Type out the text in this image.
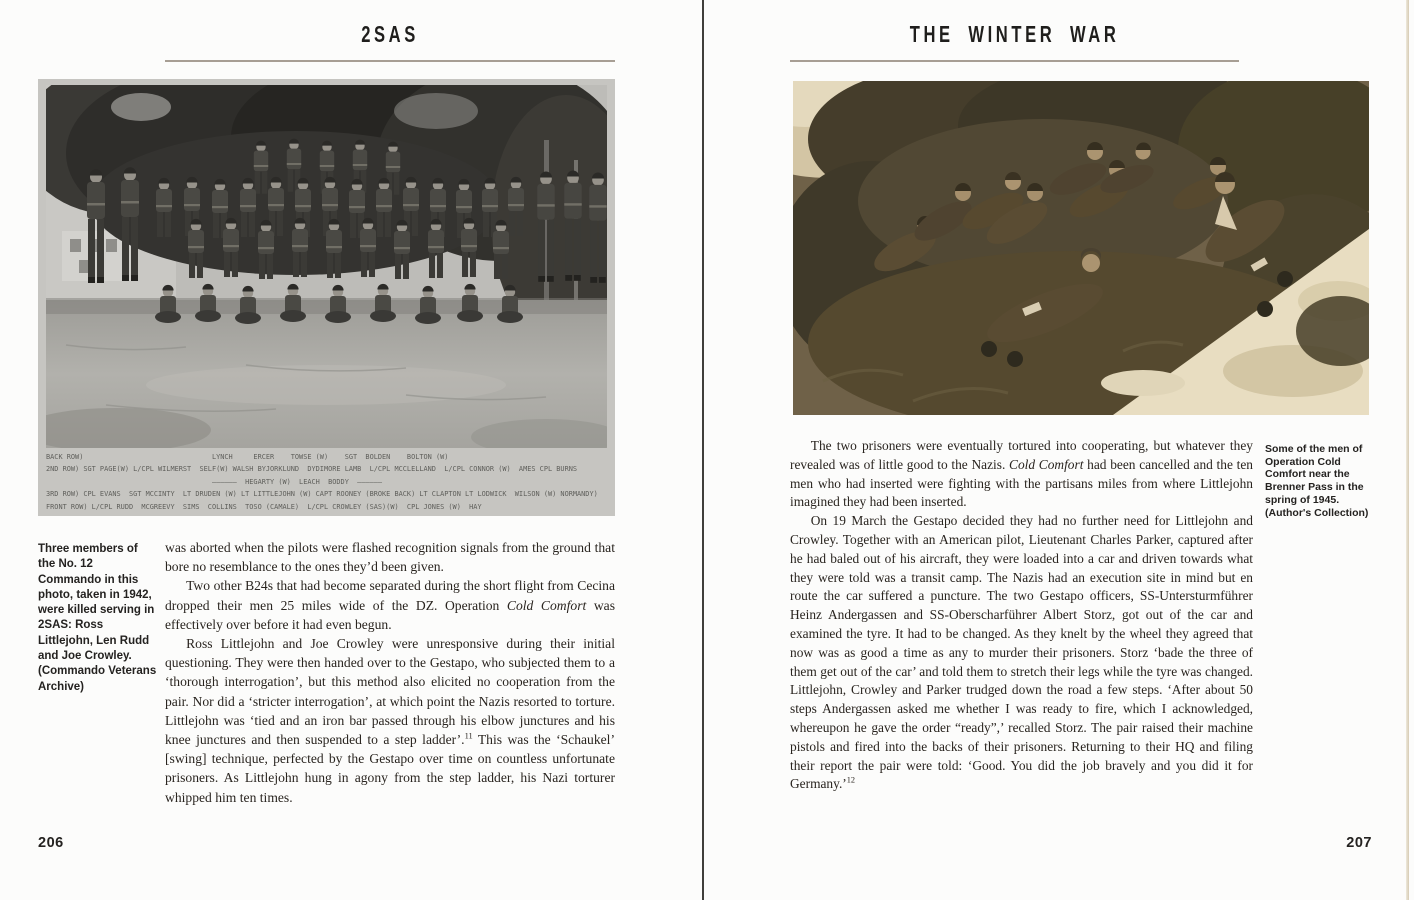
2SAS
BACK ROW)                               LYNCH     ERCER    TOWSE (W)    SGT  BOLDEN    BOLTON (W)
2ND ROW) SGT PAGE(W) L/CPL WILMERST  SELF(W) WALSH BYJORKLUND  DYDIMORE LAMB  L/CPL MCCLELLAND  L/CPL CONNOR (W)  AMES CPL BURNS
——————  HEGARTY (W)  LEACH  BODDY  ——————
3RD ROW) CPL EVANS  SGT MCCINTY  LT DRUDEN (W) LT LITTLEJOHN (W) CAPT ROONEY (BROKE BACK) LT CLAPTON LT LODWICK  WILSON (W) NORMANDY)
FRONT ROW) L/CPL RUDD  MCGREEVY  SIMS  COLLINS  TOSO (CAMALE)  L/CPL CROWLEY (SAS)(W)  CPL JONES (W)  HAY
Three members of the No. 12 Commando in this photo, taken in 1942, were killed serving in 2SAS: Ross Littlejohn, Len Rudd and Joe Crowley. (Commando Veterans Archive)

was aborted when the pilots were flashed recognition signals from the ground that bore no resemblance to the ones they’d been given.

Two other B24s that had become separated during the short flight from Cecina dropped their men 25 miles wide of the DZ. Operation Cold Comfort was effectively over before it had even begun.

Ross Littlejohn and Joe Crowley were unresponsive during their initial questioning. They were then handed over to the Gestapo, who subjected them to a ‘thorough interrogation’, but this method also elicited no cooperation from the pair. Nor did a ‘stricter interrogation’, at which point the Nazis resorted to torture. Littlejohn was ‘tied and an iron bar passed through his elbow junctures and his knee junctures and then suspended to a step ladder’.$^{11}$ This was the ‘Schaukel’ [swing] technique, perfected by the Gestapo over time on countless unfortunate prisoners. As Littlejohn hung in agony from the step ladder, his Nazi torturer whipped him ten times.

206
THE WINTER WAR
Some of the men of Operation Cold Comfort near the Brenner Pass in the spring of 1945. (Author's Collection)

The two prisoners were eventually tortured into cooperating, but whatever they revealed was of little good to the Nazis. Cold Comfort had been cancelled and the ten men who had inserted were fighting with the partisans miles from where Littlejohn imagined they had been inserted.

On 19 March the Gestapo decided they had no further need for Littlejohn and Crowley. Together with an American pilot, Lieutenant Charles Parker, captured after he had baled out of his aircraft, they were loaded into a car and driven towards what they were told was a transit camp. The Nazis had an execution site in mind but en route the car suffered a puncture. The two Gestapo officers, SS-Untersturmführer Heinz Andergassen and SS-Oberscharführer Albert Storz, got out of the car and examined the tyre. It had to be changed. As they knelt by the wheel they agreed that now was as good a time as any to murder their prisoners. Storz ‘bade the three of them get out of the car’ and told them to stretch their legs while the tyre was changed. Littlejohn, Crowley and Parker trudged down the road a few steps. ‘After about 50 steps Andergassen asked me whether I was ready to fire, which I acknowledged, whereupon he gave the order “ready”,’ recalled Storz. The pair raised their machine pistols and fired into the backs of their prisoners. Returning to their HQ and filing their report the pair were told: ‘Good. You did the job bravely and you did it for Germany.’$^{12}$

207
